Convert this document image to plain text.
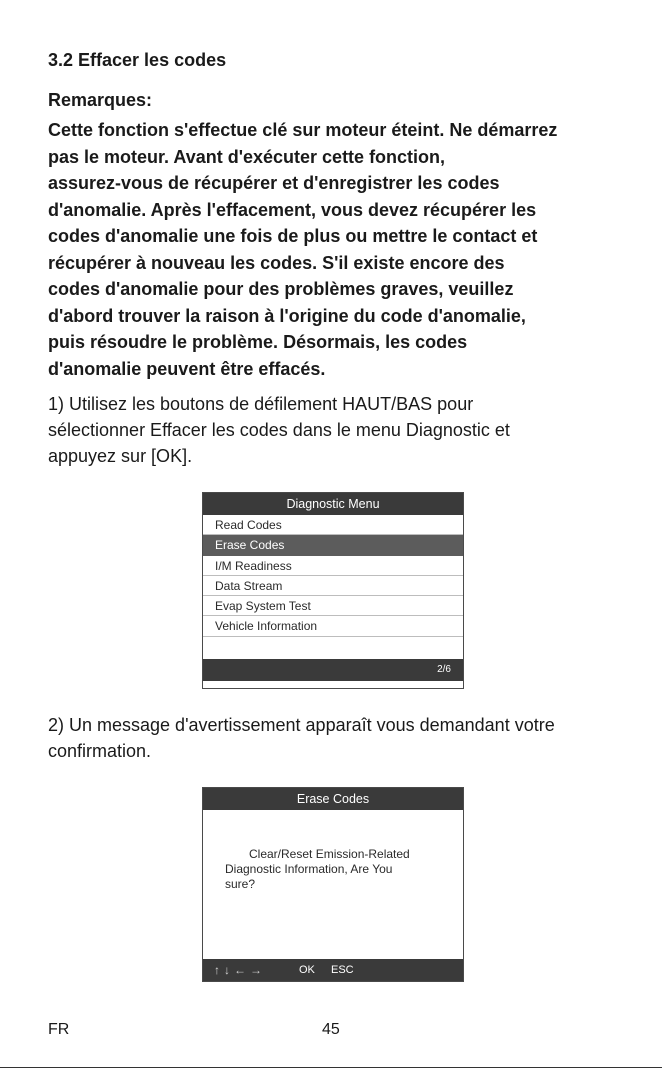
3.2 Effacer les codes
Remarques:
Cette fonction s'effectue clé sur moteur éteint. Ne démarrez
pas le moteur. Avant d'exécuter cette fonction,
assurez-vous de récupérer et d'enregistrer les codes
d'anomalie. Après l'effacement, vous devez récupérer les
codes d'anomalie une fois de plus ou mettre le contact et
récupérer à nouveau les codes. S'il existe encore des
codes d'anomalie pour des problèmes graves, veuillez
d'abord trouver la raison à l'origine du code d'anomalie,
puis résoudre le problème. Désormais, les codes
d'anomalie peuvent être effacés.
1) Utilisez les boutons de défilement HAUT/BAS pour
sélectionner Effacer les codes dans le menu Diagnostic et
appuyez sur [OK].
Diagnostic Menu
Read Codes
Erase Codes
I/M Readiness
Data Stream
Evap System Test
Vehicle Information
2/6
2) Un message d'avertissement apparaît vous demandant votre
confirmation.
Erase Codes
Clear/Reset Emission-Related
Diagnostic Information, Are You
sure?
↑↓←→	OK ESC
FR	45
